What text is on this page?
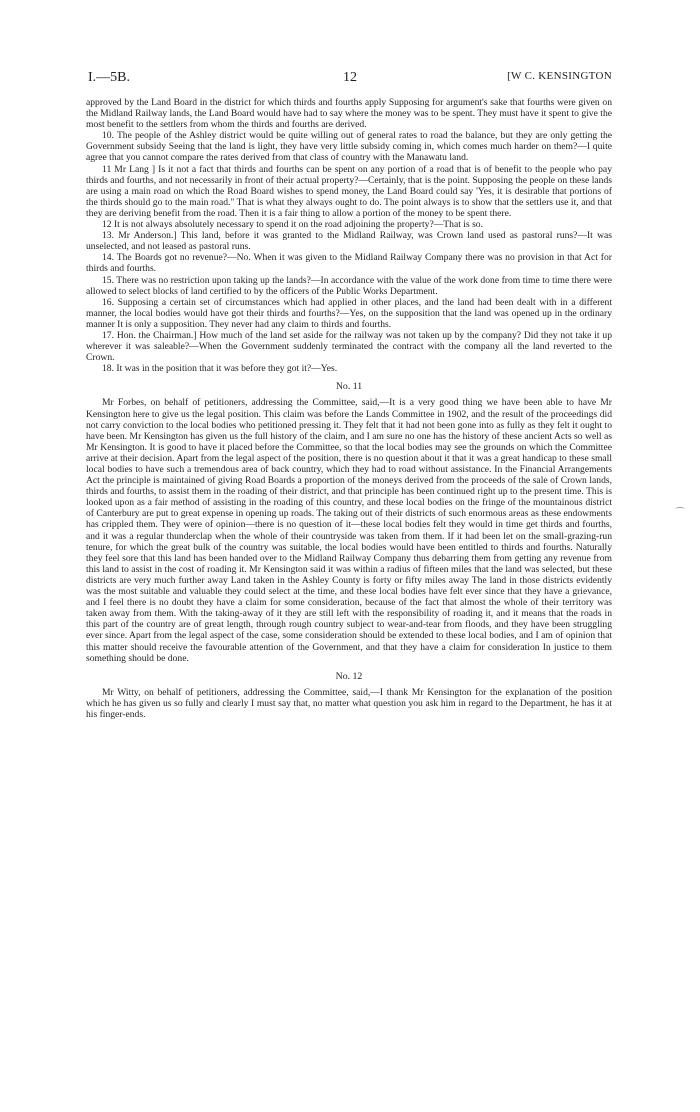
I.—5B.	12	[W C. KENSINGTON

approved by the Land Board in the district for which thirds and fourths apply Supposing for argument's sake that fourths were given on the Midland Railway lands, the Land Board would have had to say where the money was to be spent. They must have it spent to give the most benefit to the settlers from whom the thirds and fourths are derived.

10. The people of the Ashley district would be quite willing out of general rates to road the balance, but they are only getting the Government subsidy Seeing that the land is light, they have very little subsidy coming in, which comes much harder on them?—I quite agree that you cannot compare the rates derived from that class of country with the Manawatu land.

11 Mr Lang ] Is it not a fact that thirds and fourths can be spent on any portion of a road that is of benefit to the people who pay thirds and fourths, and not necessarily in front of their actual property?—Certainly, that is the point. Supposing the people on these lands are using a main road on which the Road Board wishes to spend money, the Land Board could say 'Yes, it is desirable that portions of the thirds should go to the main road." That is what they always ought to do. The point always is to show that the settlers use it, and that they are deriving benefit from the road. Then it is a fair thing to allow a portion of the money to be spent there.

12 It is not always absolutely necessary to spend it on the road adjoining the property?—That is so.

13. Mr Anderson.] This land, before it was granted to the Midland Railway, was Crown land used as pastoral runs?—It was unselected, and not leased as pastoral runs.

14. The Boards got no revenue?—No. When it was given to the Midland Railway Company there was no provision in that Act for thirds and fourths.

15. There was no restriction upon taking up the lands?—In accordance with the value of the work done from time to time there were allowed to select blocks of land certified to by the officers of the Public Works Department.

16. Supposing a certain set of circumstances which had applied in other places, and the land had been dealt with in a different manner, the local bodies would have got their thirds and fourths?—Yes, on the supposition that the land was opened up in the ordinary manner It is only a supposition. They never had any claim to thirds and fourths.

17. Hon. the Chairman.] How much of the land set aside for the railway was not taken up by the company? Did they not take it up wherever it was saleable?—When the Government suddenly terminated the contract with the company all the land reverted to the Crown.

18. It was in the position that it was before they got it?—Yes.

No. 11

Mr Forbes, on behalf of petitioners, addressing the Committee, said,—It is a very good thing we have been able to have Mr Kensington here to give us the legal position. This claim was before the Lands Committee in 1902, and the result of the proceedings did not carry conviction to the local bodies who petitioned pressing it. They felt that it had not been gone into as fully as they felt it ought to have been. Mr Kensington has given us the full history of the claim, and I am sure no one has the history of these ancient Acts so well as Mr Kensington. It is good to have it placed before the Committee, so that the local bodies may see the grounds on which the Committee arrive at their decision. Apart from the legal aspect of the position, there is no question about it that it was a great handicap to these small local bodies to have such a tremendous area of back country, which they had to road without assistance. In the Financial Arrangements Act the principle is maintained of giving Road Boards a proportion of the moneys derived from the proceeds of the sale of Crown lands, thirds and fourths, to assist them in the roading of their district, and that principle has been continued right up to the present time. This is looked upon as a fair method of assisting in the roading of this country, and these local bodies on the fringe of the mountainous district of Canterbury are put to great expense in opening up roads. The taking out of their districts of such enormous areas as these endowments has crippled them. They were of opinion—there is no question of it—these local bodies felt they would in time get thirds and fourths, and it was a regular thunderclap when the whole of their countryside was taken from them. If it had been let on the small-grazing-run tenure, for which the great bulk of the country was suitable, the local bodies would have been entitled to thirds and fourths. Naturally they feel sore that this land has been handed over to the Midland Railway Company thus debarring them from getting any revenue from this land to assist in the cost of roading it. Mr Kensington said it was within a radius of fifteen miles that the land was selected, but these districts are very much further away Land taken in the Ashley County is forty or fifty miles away The land in those districts evidently was the most suitable and valuable they could select at the time, and these local bodies have felt ever since that they have a grievance, and I feel there is no doubt they have a claim for some consideration, because of the fact that almost the whole of their territory was taken away from them. With the taking-away of it they are still left with the responsibility of roading it, and it means that the roads in this part of the country are of great length, through rough country subject to wear-and-tear from floods, and they have been struggling ever since. Apart from the legal aspect of the case, some consideration should be extended to these local bodies, and I am of opinion that this matter should receive the favourable attention of the Government, and that they have a claim for consideration In justice to them something should be done.

No. 12

Mr Witty, on behalf of petitioners, addressing the Committee, said,—I thank Mr Kensington for the explanation of the position which he has given us so fully and clearly I must say that, no matter what question you ask him in regard to the Department, he has it at his finger-ends.

⁀
